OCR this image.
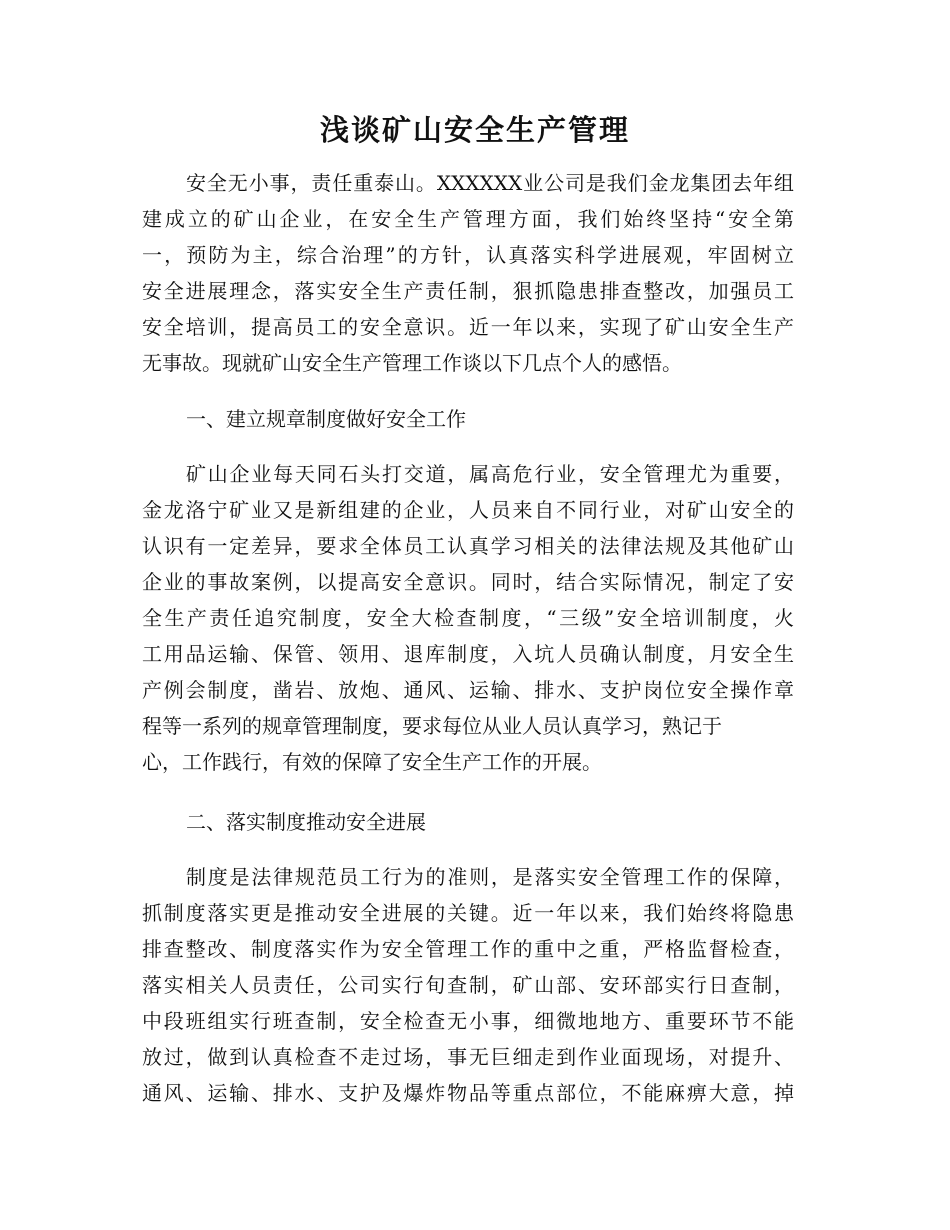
浅谈矿山安全生产管理
安全无小事，责任重泰山。XXXXXX业公司是我们金龙集团去年组
建成立的矿山企业，在安全生产管理方面，我们始终坚持“安全第
一，预防为主，综合治理”的方针，认真落实科学进展观，牢固树立
安全进展理念，落实安全生产责任制，狠抓隐患排查整改，加强员工
安全培训，提高员工的安全意识。近一年以来，实现了矿山安全生产
无事故。现就矿山安全生产管理工作谈以下几点个人的感悟。
一、建立规章制度做好安全工作
矿山企业每天同石头打交道，属高危行业，安全管理尤为重要，
金龙洛宁矿业又是新组建的企业，人员来自不同行业，对矿山安全的
认识有一定差异，要求全体员工认真学习相关的法律法规及其他矿山
企业的事故案例，以提高安全意识。同时，结合实际情况，制定了安
全生产责任追究制度，安全大检查制度，“三级”安全培训制度，火
工用品运输、保管、领用、退库制度，入坑人员确认制度，月安全生
产例会制度，凿岩、放炮、通风、运输、排水、支护岗位安全操作章
程等一系列的规章管理制度，要求每位从业人员认真学习，熟记于
心，工作践行，有效的保障了安全生产工作的开展。
二、落实制度推动安全进展
制度是法律规范员工行为的准则，是落实安全管理工作的保障，
抓制度落实更是推动安全进展的关键。近一年以来，我们始终将隐患
排查整改、制度落实作为安全管理工作的重中之重，严格监督检查，
落实相关人员责任，公司实行旬查制，矿山部、安环部实行日查制，
中段班组实行班查制，安全检查无小事，细微地地方、重要环节不能
放过，做到认真检查不走过场，事无巨细走到作业面现场，对提升、
通风、运输、排水、支护及爆炸物品等重点部位，不能麻痹大意，掉
